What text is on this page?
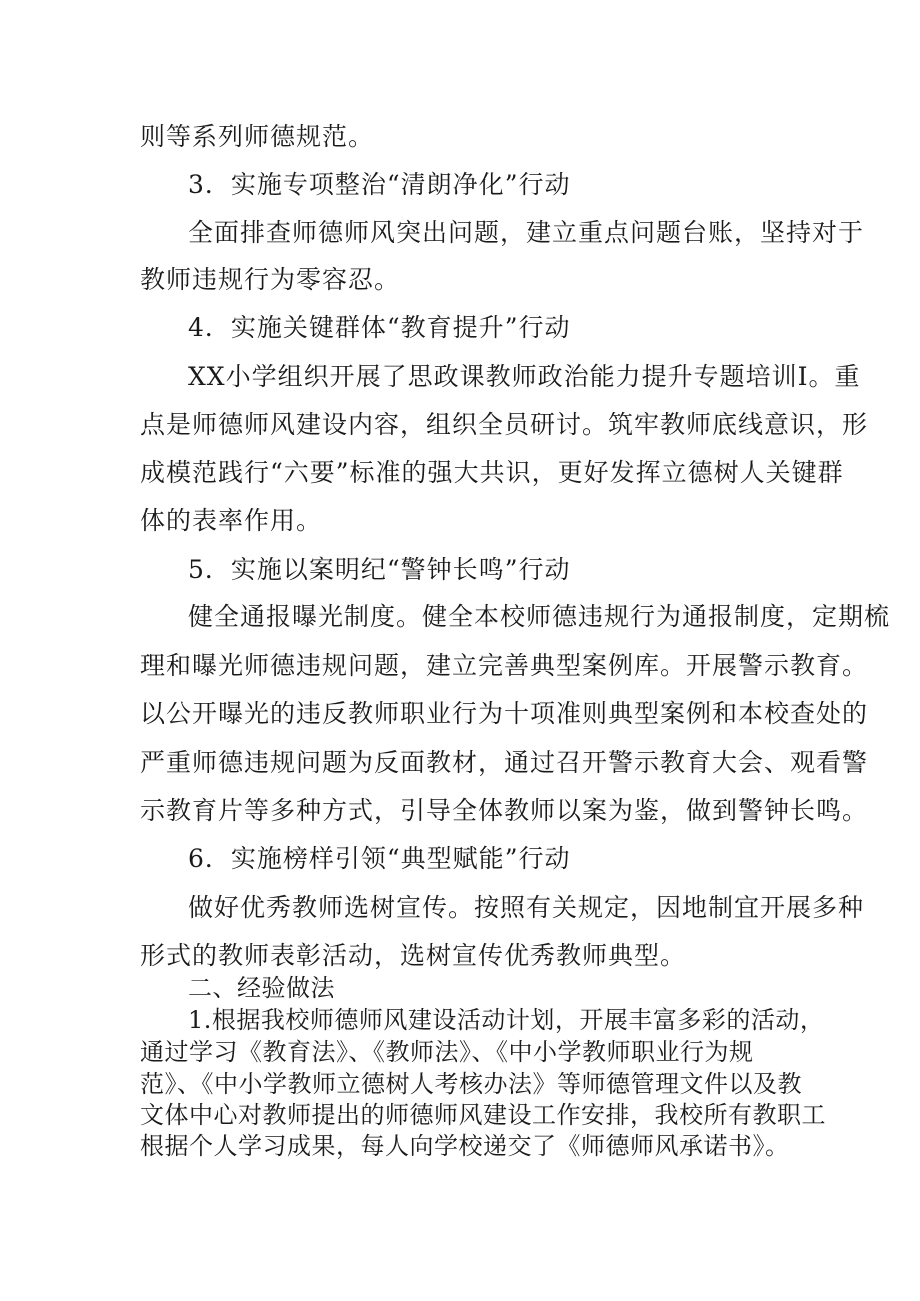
则等系列师德规范。
3．实施专项整治“清朗净化”行动
全面排查师德师风突出问题，建立重点问题台账，坚持对于
教师违规行为零容忍。
4．实施关键群体“教育提升”行动
XX小学组织开展了思政课教师政治能力提升专题培训Ⅰ。重
点是师德师风建设内容，组织全员研讨。筑牢教师底线意识，形
成模范践行“六要”标准的强大共识，更好发挥立德树人关键群
体的表率作用。
5．实施以案明纪“警钟长鸣”行动
健全通报曝光制度。健全本校师德违规行为通报制度，定期梳
理和曝光师德违规问题，建立完善典型案例库。开展警示教育。
以公开曝光的违反教师职业行为十项准则典型案例和本校查处的
严重师德违规问题为反面教材，通过召开警示教育大会、观看警
示教育片等多种方式，引导全体教师以案为鉴，做到警钟长鸣。
6．实施榜样引领“典型赋能”行动
做好优秀教师选树宣传。按照有关规定，因地制宜开展多种
形式的教师表彰活动，选树宣传优秀教师典型。
二、经验做法
1.根据我校师德师风建设活动计划，开展丰富多彩的活动，
通过学习《教育法》、《教师法》、《中小学教师职业行为规
范》、《中小学教师立德树人考核办法》等师德管理文件以及教
文体中心对教师提出的师德师风建设工作安排，我校所有教职工
根据个人学习成果，每人向学校递交了《师德师风承诺书》。
